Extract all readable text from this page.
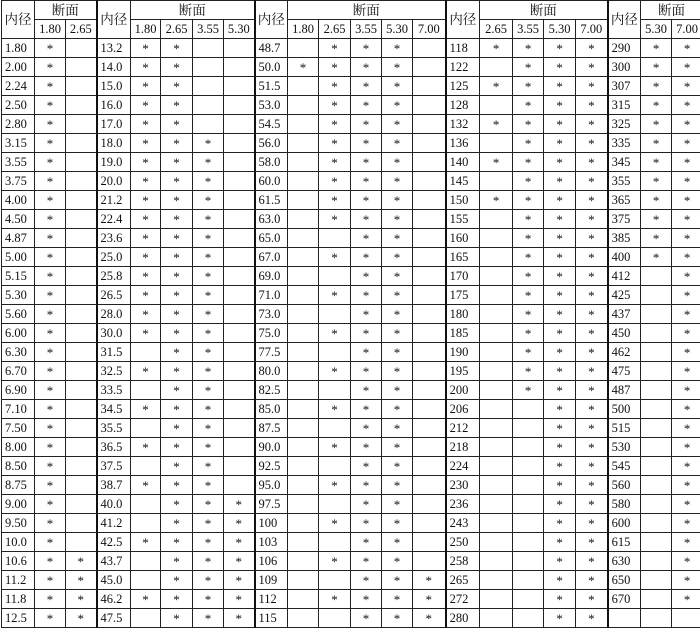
内径	断面		内径	断面				内径	断面					内径	断面				内径	断面	
	1.80	2.65		1.80	2.65	3.55	5.30		1.80	2.65	3.55	5.30	7.00		2.65	3.55	5.30	7.00		5.30	7.00
1.80	*		13.2	*	*			48.7		*	*	*		118	*	*	*	*	290	*	*
2.00	*		14.0	*	*			50.0	*	*	*	*		122		*	*	*	300	*	*
2.24	*		15.0	*	*			51.5		*	*	*		125	*	*	*	*	307	*	*
2.50	*		16.0	*	*			53.0		*	*	*		128		*	*	*	315	*	*
2.80	*		17.0	*	*			54.5		*	*	*		132	*	*	*	*	325	*	*
3.15	*		18.0	*	*	*		56.0		*	*	*		136		*	*	*	335	*	*
3.55	*		19.0	*	*	*		58.0		*	*	*		140	*	*	*	*	345	*	*
3.75	*		20.0	*	*	*		60.0		*	*	*		145		*	*	*	355	*	*
4.00	*		21.2	*	*	*		61.5		*	*	*		150	*	*	*	*	365	*	*
4.50	*		22.4	*	*	*		63.0		*	*	*		155		*	*	*	375	*	*
4.87	*		23.6	*	*	*		65.0			*	*		160		*	*	*	385	*	*
5.00	*		25.0	*	*	*		67.0		*	*	*		165		*	*	*	400	*	*
5.15	*		25.8	*	*	*		69.0			*	*		170		*	*	*	412		*
5.30	*		26.5	*	*	*		71.0		*	*	*		175		*	*	*	425		*
5.60	*		28.0	*	*	*		73.0			*	*		180		*	*	*	437		*
6.00	*		30.0	*	*	*		75.0		*	*	*		185		*	*	*	450		*
6.30	*		31.5		*	*		77.5			*	*		190		*	*	*	462		*
6.70	*		32.5	*	*	*		80.0		*	*	*		195		*	*	*	475		*
6.90	*		33.5		*	*		82.5			*	*		200		*	*	*	487		*
7.10	*		34.5	*	*	*		85.0		*	*	*		206			*	*	500		*
7.50	*		35.5		*	*		87.5			*	*		212			*	*	515		*
8.00	*		36.5	*	*	*		90.0		*	*	*		218			*	*	530		*
8.50	*		37.5		*	*		92.5			*	*		224			*	*	545		*
8.75	*		38.7	*	*	*		95.0		*	*	*		230			*	*	560		*
9.00	*		40.0		*	*	*	97.5			*	*		236			*	*	580		*
9.50	*		41.2		*	*	*	100		*	*	*		243			*	*	600		*
10.0	*		42.5	*	*	*	*	103			*	*		250			*	*	615		*
10.6	*	*	43.7		*	*	*	106		*	*	*		258			*	*	630		*
11.2	*	*	45.0		*	*	*	109			*	*	*	265			*	*	650		*
11.8	*	*	46.2	*	*	*	*	112		*	*	*	*	272			*	*	670		*
12.5	*	*	47.5		*	*	*	115			*	*	*	280			*	*			
